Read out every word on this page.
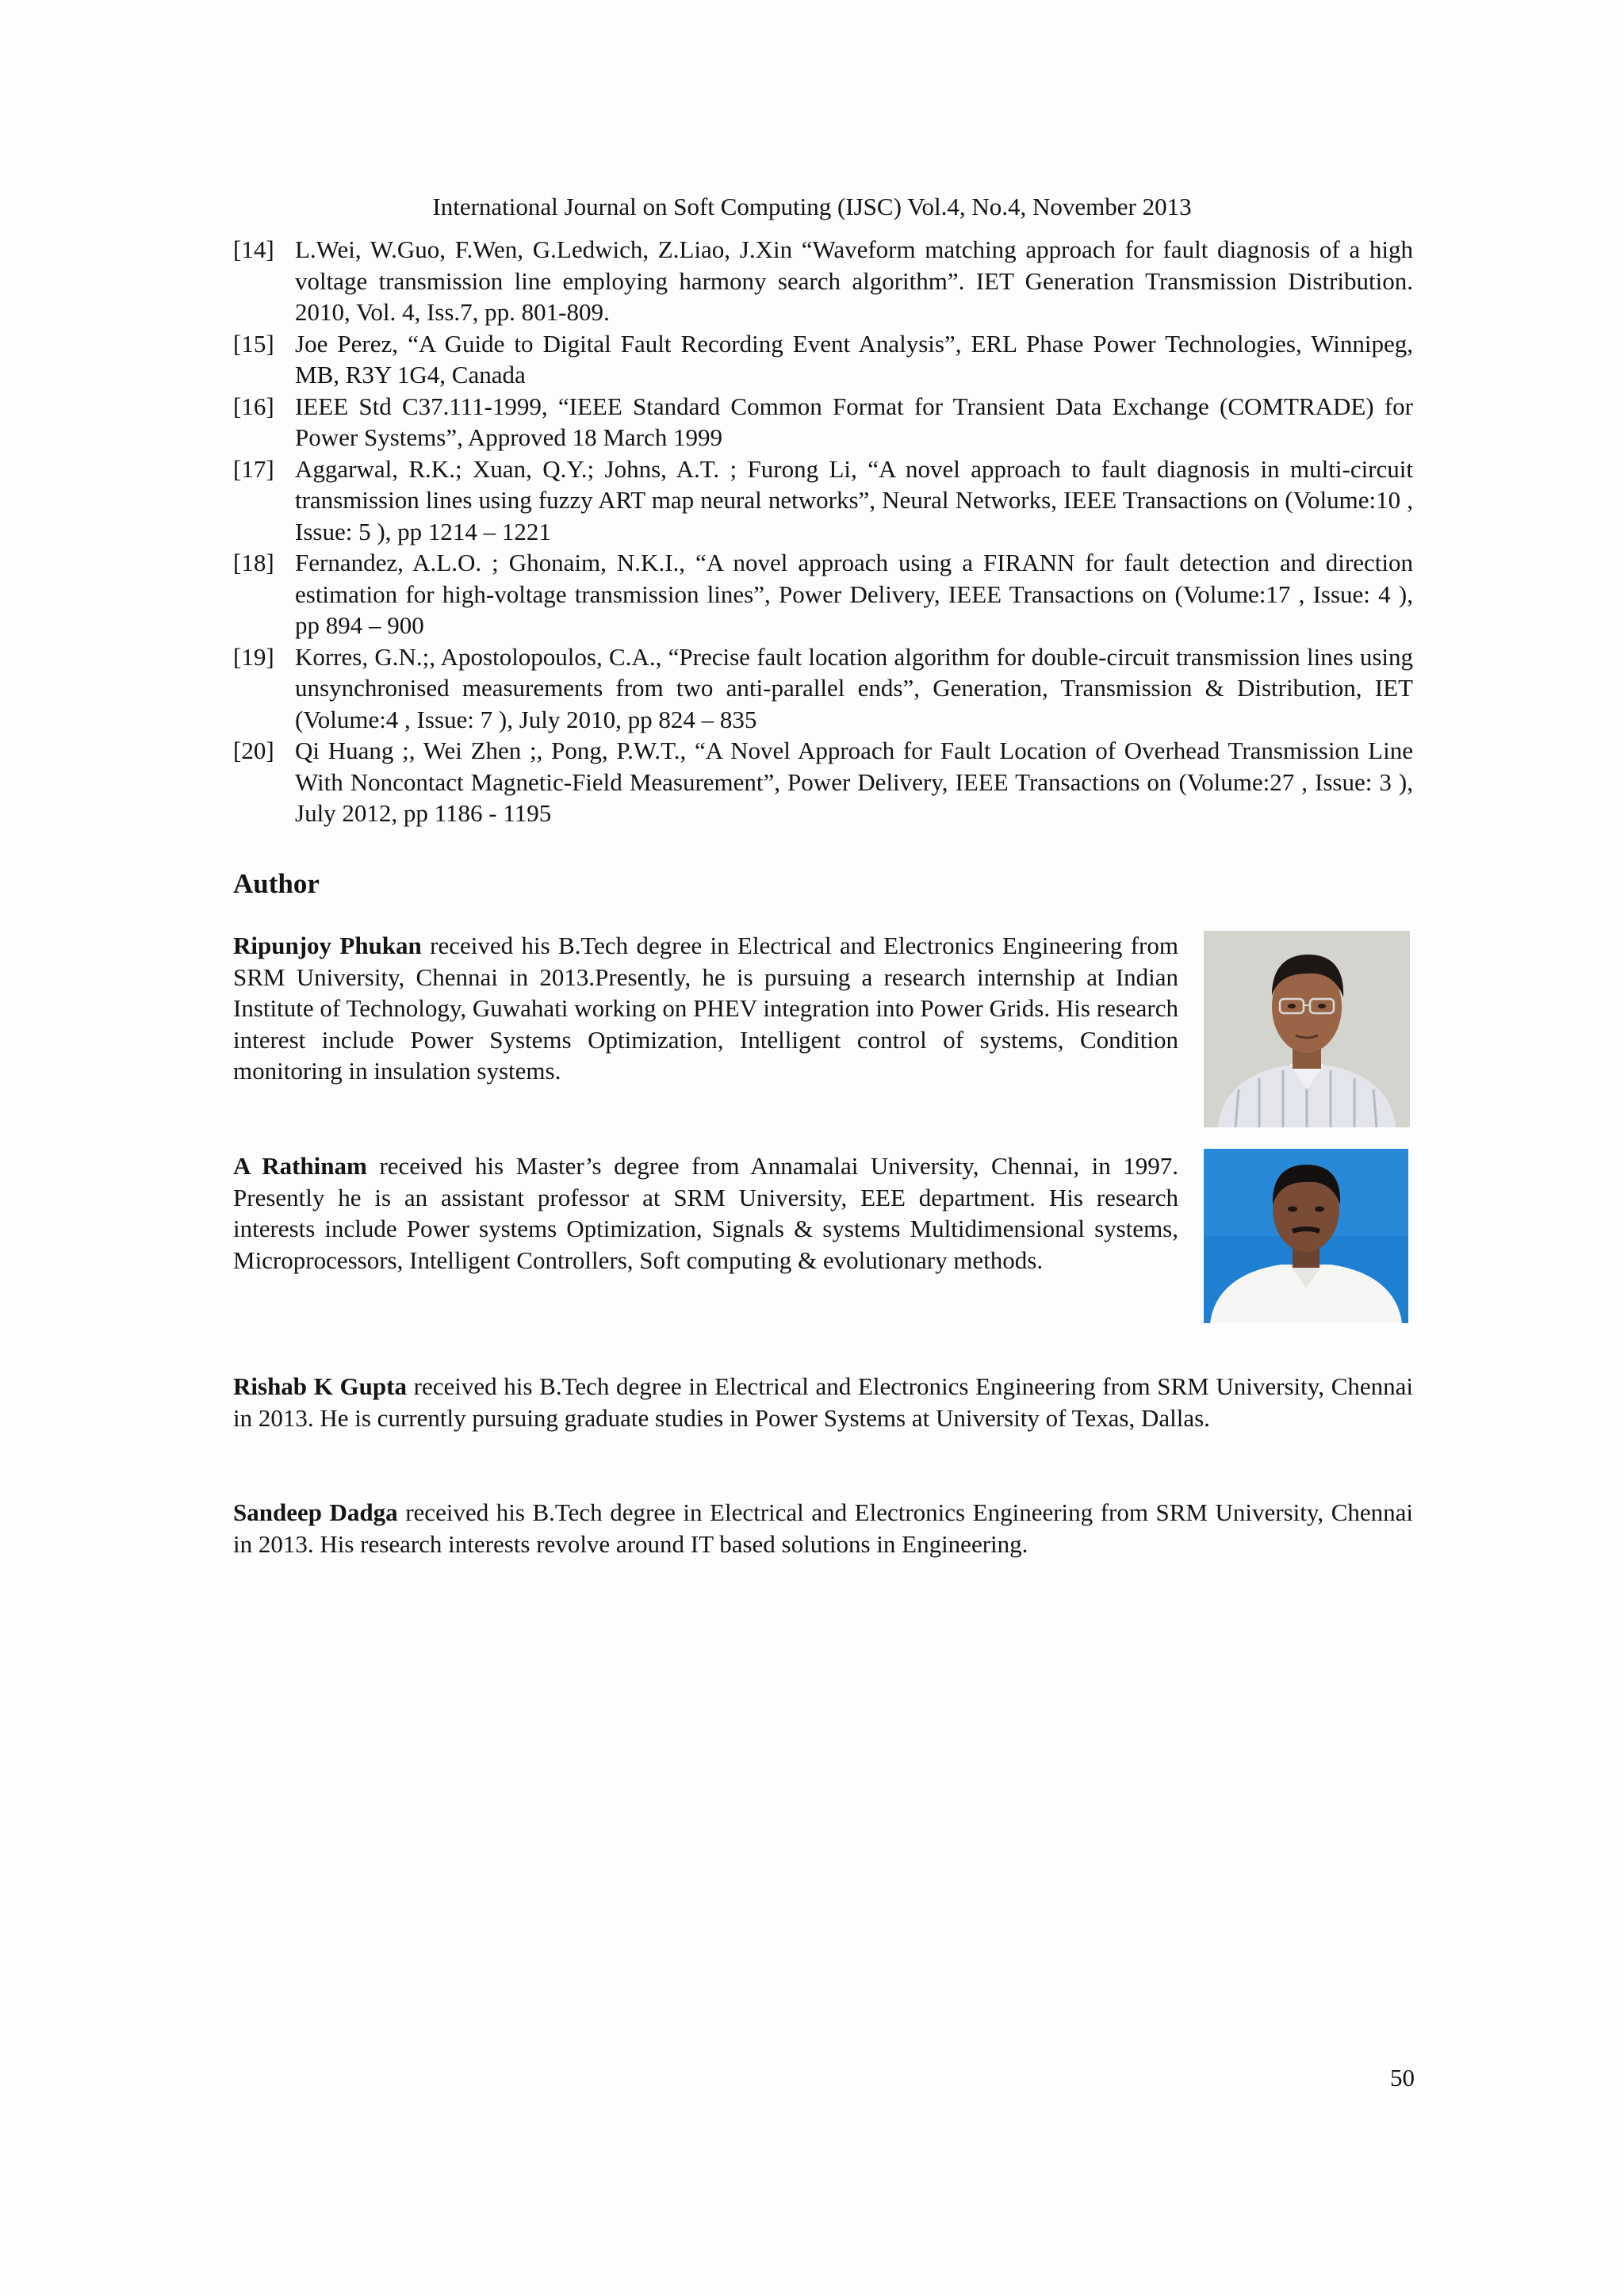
International Journal on Soft Computing (IJSC) Vol.4, No.4, November 2013
[14] L.Wei, W.Guo, F.Wen, G.Ledwich, Z.Liao, J.Xin “Waveform matching approach for fault diagnosis of a high voltage transmission line employing harmony search algorithm”. IET Generation Transmission Distribution. 2010, Vol. 4, Iss.7, pp. 801-809.
[15] Joe Perez, “A Guide to Digital Fault Recording Event Analysis”, ERL Phase Power Technologies, Winnipeg, MB, R3Y 1G4, Canada
[16] IEEE Std C37.111-1999, “IEEE Standard Common Format for Transient Data Exchange (COMTRADE) for Power Systems”, Approved 18 March 1999
[17] Aggarwal, R.K.; Xuan, Q.Y.; Johns, A.T. ; Furong Li, “A novel approach to fault diagnosis in multi-circuit transmission lines using fuzzy ART map neural networks”, Neural Networks, IEEE Transactions on (Volume:10 , Issue: 5 ), pp 1214 – 1221
[18] Fernandez, A.L.O. ; Ghonaim, N.K.I., “A novel approach using a FIRANN for fault detection and direction estimation for high-voltage transmission lines”, Power Delivery, IEEE Transactions on (Volume:17 , Issue: 4 ), pp 894 – 900
[19] Korres, G.N.;, Apostolopoulos, C.A., “Precise fault location algorithm for double-circuit transmission lines using unsynchronised measurements from two anti-parallel ends”, Generation, Transmission & Distribution, IET (Volume:4 , Issue: 7 ), July 2010, pp 824 – 835
[20] Qi Huang ;, Wei Zhen ;, Pong, P.W.T., “A Novel Approach for Fault Location of Overhead Transmission Line With Noncontact Magnetic-Field Measurement”, Power Delivery, IEEE Transactions on (Volume:27 , Issue: 3 ), July 2012, pp 1186 - 1195
Author
Ripunjoy Phukan received his B.Tech degree in Electrical and Electronics Engineering from SRM University, Chennai in 2013.Presently, he is pursuing a research internship at Indian Institute of Technology, Guwahati working on PHEV integration into Power Grids. His research interest include Power Systems Optimization, Intelligent control of systems, Condition monitoring in insulation systems.
A Rathinam received his Master’s degree from Annamalai University, Chennai, in 1997. Presently he is an assistant professor at SRM University, EEE department. His research interests include Power systems Optimization, Signals & systems Multidimensional systems, Microprocessors, Intelligent Controllers, Soft computing & evolutionary methods.
Rishab K Gupta received his B.Tech degree in Electrical and Electronics Engineering from SRM University, Chennai in 2013. He is currently pursuing graduate studies in Power Systems at University of Texas, Dallas.
Sandeep Dadga received his B.Tech degree in Electrical and Electronics Engineering from SRM University, Chennai in 2013. His research interests revolve around IT based solutions in Engineering.
50
